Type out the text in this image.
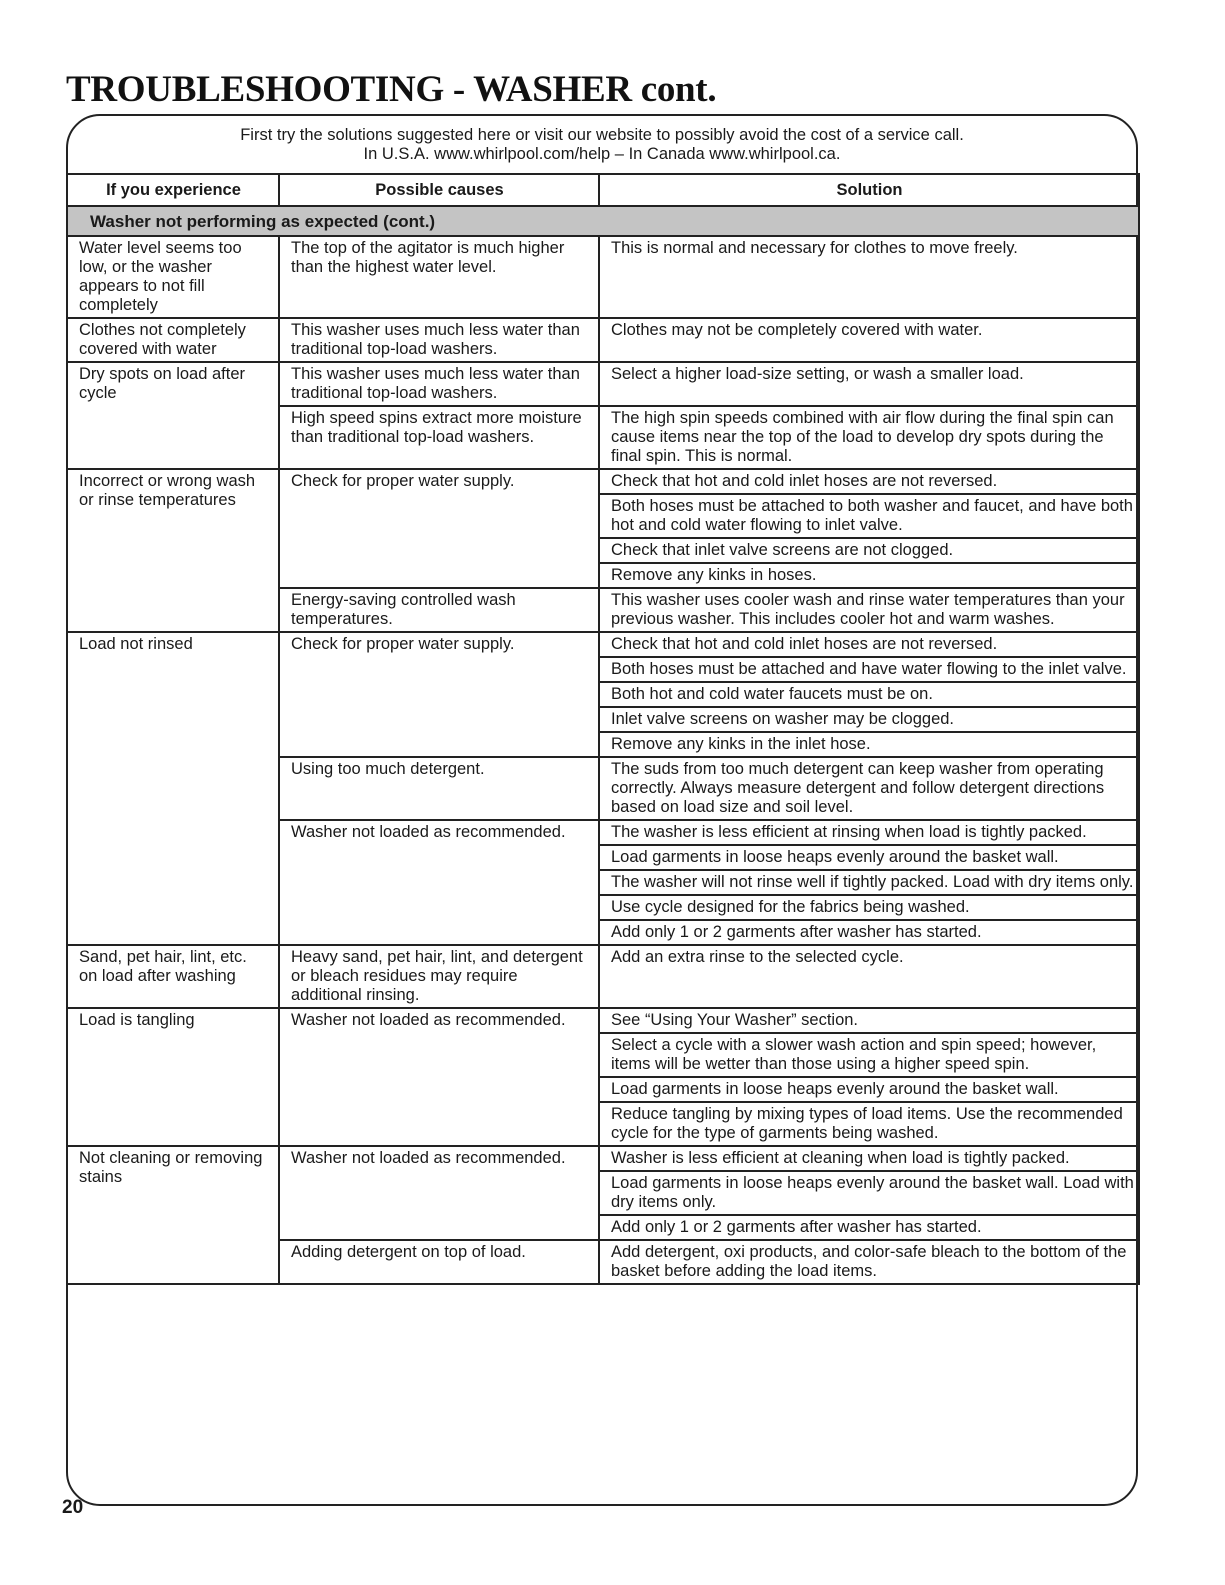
TROUBLESHOOTING - WASHER cont.
First try the solutions suggested here or visit our website to possibly avoid the cost of a service call.
In U.S.A. www.whirlpool.com/help – In Canada www.whirlpool.ca.
If you experience	Possible causes	Solution
Washer not performing as expected (cont.)		
Water level seems too low, or the washer appears to not fill completely	The top of the agitator is much higher than the highest water level.	This is normal and necessary for clothes to move freely.
Clothes not completely covered with water	This washer uses much less water than traditional top-load washers.	Clothes may not be completely covered with water.
Dry spots on load after cycle	This washer uses much less water than traditional top-load washers.	Select a higher load-size setting, or wash a smaller load.
	High speed spins extract more moisture than traditional top-load washers.	The high spin speeds combined with air flow during the final spin can cause items near the top of the load to develop dry spots during the final spin. This is normal.
Incorrect or wrong wash or rinse temperatures	Check for proper water supply.	Check that hot and cold inlet hoses are not reversed.
		Both hoses must be attached to both washer and faucet, and have both hot and cold water flowing to inlet valve.
		Check that inlet valve screens are not clogged.
		Remove any kinks in hoses.
	Energy-saving controlled wash temperatures.	This washer uses cooler wash and rinse water temperatures than your previous washer. This includes cooler hot and warm washes.
Load not rinsed	Check for proper water supply.	Check that hot and cold inlet hoses are not reversed.
		Both hoses must be attached and have water flowing to the inlet valve.
		Both hot and cold water faucets must be on.
		Inlet valve screens on washer may be clogged.
		Remove any kinks in the inlet hose.
	Using too much detergent.	The suds from too much detergent can keep washer from operating correctly. Always measure detergent and follow detergent directions based on load size and soil level.
	Washer not loaded as recommended.	The washer is less efficient at rinsing when load is tightly packed.
		Load garments in loose heaps evenly around the basket wall.
		The washer will not rinse well if tightly packed. Load with dry items only.
		Use cycle designed for the fabrics being washed.
		Add only 1 or 2 garments after washer has started.
Sand, pet hair, lint, etc. on load after washing	Heavy sand, pet hair, lint, and detergent or bleach residues may require additional rinsing.	Add an extra rinse to the selected cycle.
Load is tangling	Washer not loaded as recommended.	See “Using Your Washer” section.
		Select a cycle with a slower wash action and spin speed; however, items will be wetter than those using a higher speed spin.
		Load garments in loose heaps evenly around the basket wall.
		Reduce tangling by mixing types of load items. Use the recommended cycle for the type of garments being washed.
Not cleaning or removing stains	Washer not loaded as recommended.	Washer is less efficient at cleaning when load is tightly packed.
		Load garments in loose heaps evenly around the basket wall. Load with dry items only.
		Add only 1 or 2 garments after washer has started.
	Adding detergent on top of load.	Add detergent, oxi products, and color-safe bleach to the bottom of the basket before adding the load items.
20
